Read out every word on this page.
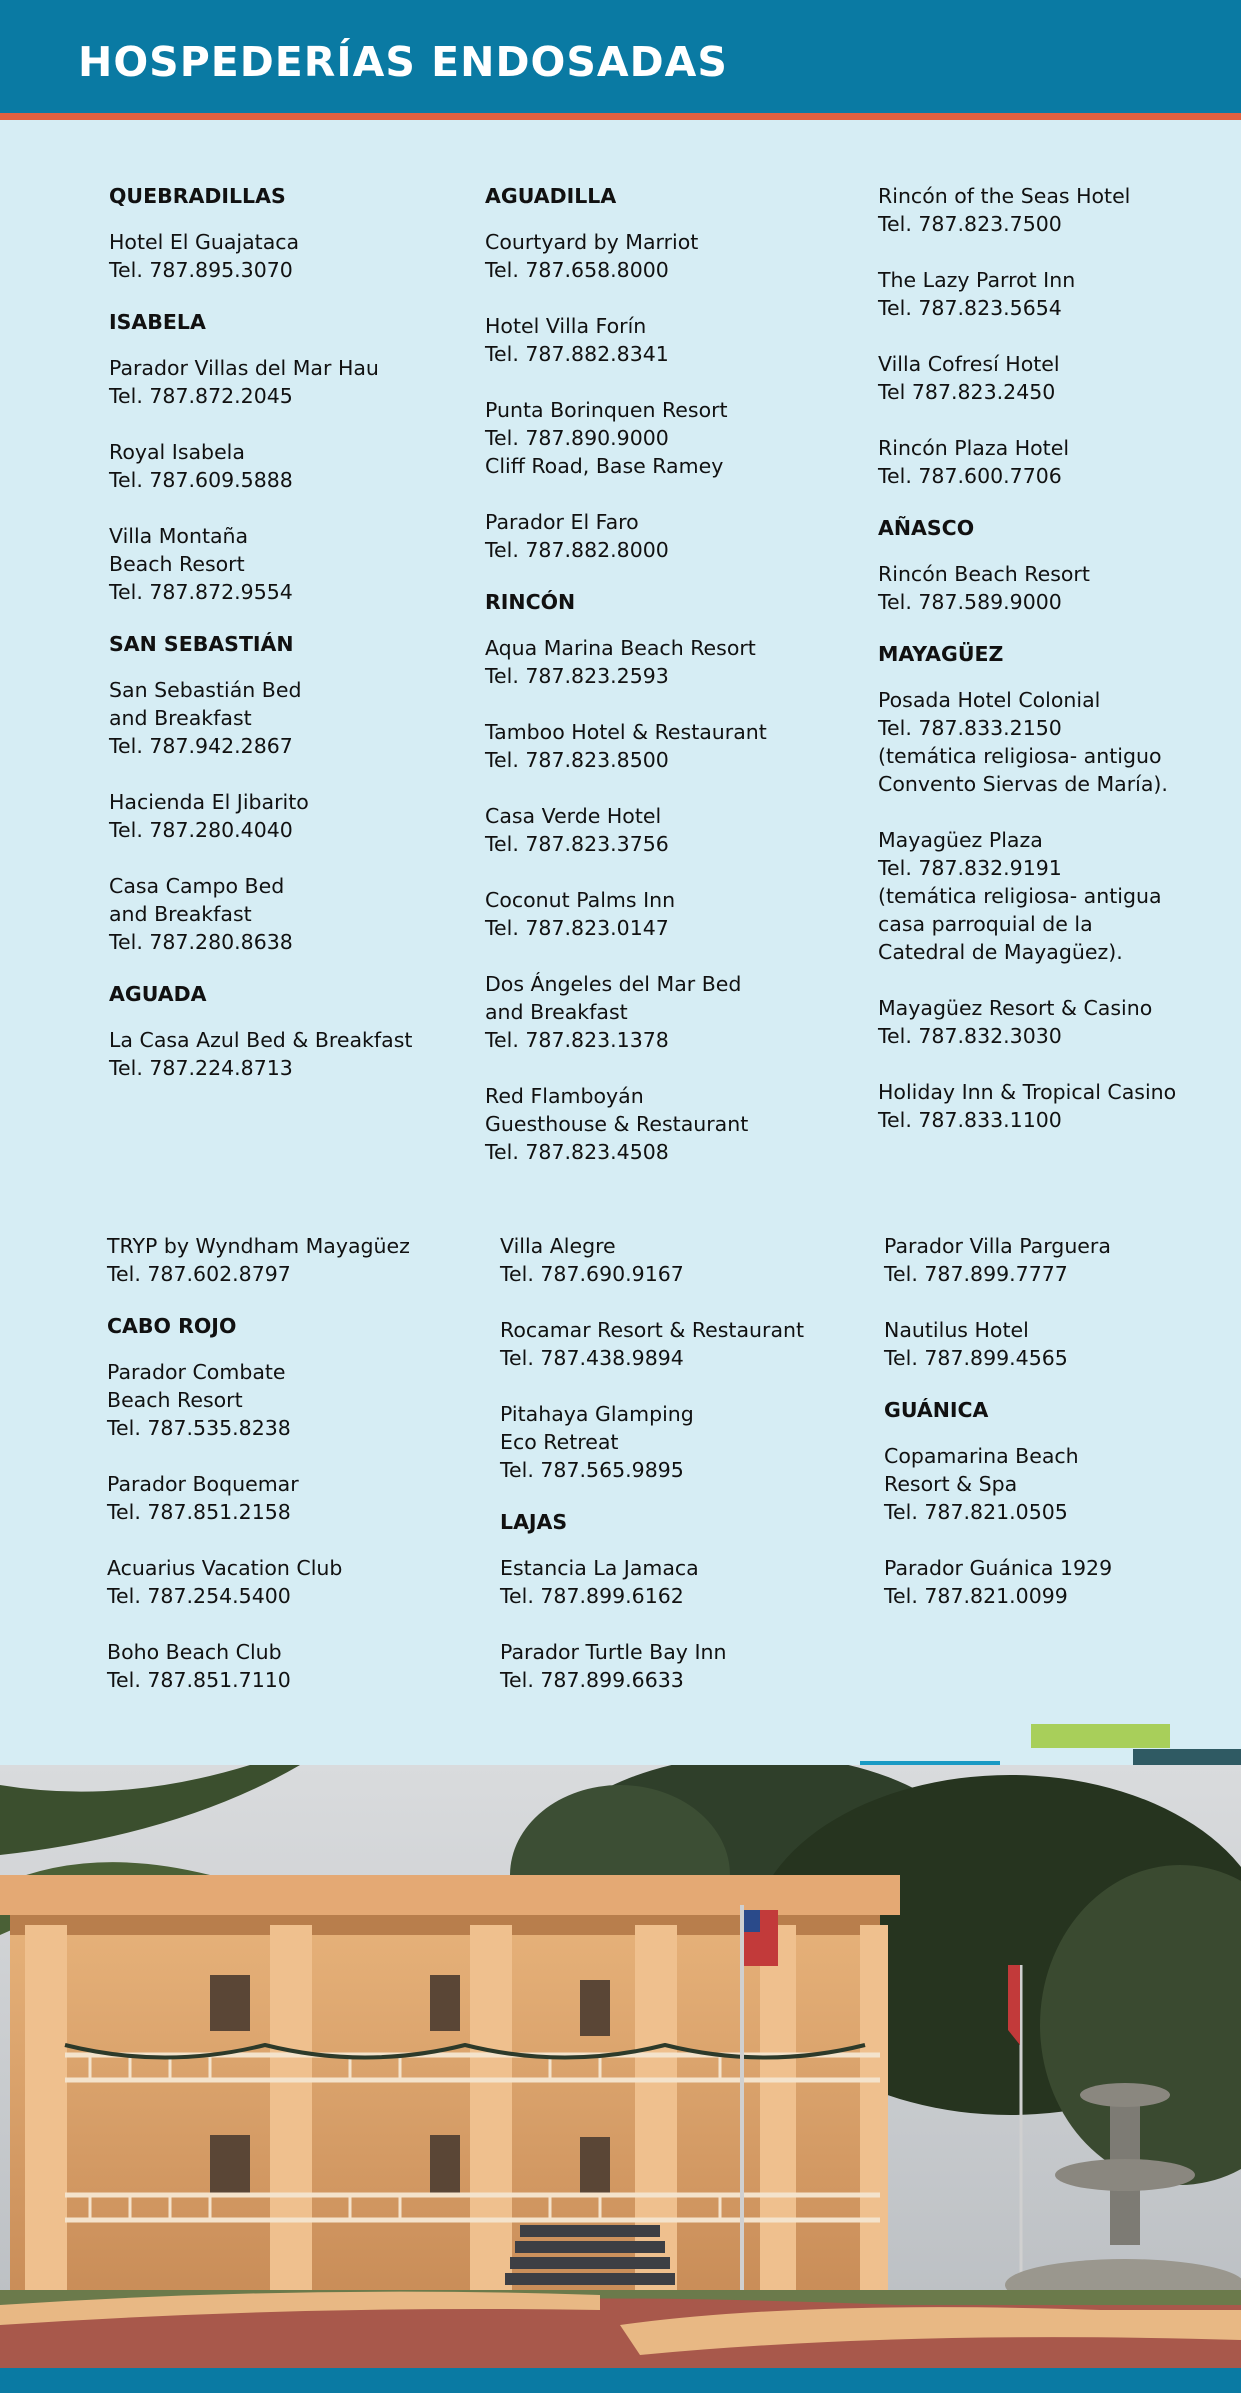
HOSPEDERÍAS ENDOSADAS
QUEBRADILLAS
Hotel El Guajataca
Tel. 787.895.3070
ISABELA
Parador Villas del Mar Hau
Tel. 787.872.2045
Royal Isabela
Tel. 787.609.5888
Villa Montaña
Beach Resort
Tel. 787.872.9554
SAN SEBASTIÁN
San Sebastián Bed
and Breakfast
Tel. 787.942.2867
Hacienda El Jibarito
Tel. 787.280.4040
Casa Campo Bed
and Breakfast
Tel. 787.280.8638
AGUADA
La Casa Azul Bed & Breakfast
Tel. 787.224.8713
AGUADILLA
Courtyard by Marriot
Tel. 787.658.8000
Hotel Villa Forín
Tel. 787.882.8341
Punta Borinquen Resort
Tel. 787.890.9000
Cliff Road, Base Ramey
Parador El Faro
Tel. 787.882.8000
RINCÓN
Aqua Marina Beach Resort
Tel. 787.823.2593
Tamboo Hotel & Restaurant
Tel. 787.823.8500
Casa Verde Hotel
Tel. 787.823.3756
Coconut Palms Inn
Tel. 787.823.0147
Dos Ángeles del Mar Bed
and Breakfast
Tel. 787.823.1378
Red Flamboyán
Guesthouse & Restaurant
Tel. 787.823.4508
Rincón of the Seas Hotel
Tel. 787.823.7500
The Lazy Parrot Inn
Tel. 787.823.5654
Villa Cofresí Hotel
Tel 787.823.2450
Rincón Plaza Hotel
Tel. 787.600.7706
AÑASCO
Rincón Beach Resort
Tel. 787.589.9000
MAYAGÜEZ
Posada Hotel Colonial
Tel. 787.833.2150
(temática religiosa- antiguo
Convento Siervas de María).
Mayagüez Plaza
Tel. 787.832.9191
(temática religiosa- antigua
casa parroquial de la
Catedral de Mayagüez).
Mayagüez Resort & Casino
Tel. 787.832.3030
Holiday Inn & Tropical Casino
Tel. 787.833.1100
TRYP by Wyndham Mayagüez
Tel. 787.602.8797
CABO ROJO
Parador Combate
Beach Resort
Tel. 787.535.8238
Parador Boquemar
Tel. 787.851.2158
Acuarius Vacation Club
Tel. 787.254.5400
Boho Beach Club
Tel. 787.851.7110
Villa Alegre
Tel. 787.690.9167
Rocamar Resort & Restaurant
Tel. 787.438.9894
Pitahaya Glamping
Eco Retreat
Tel. 787.565.9895
LAJAS
Estancia La Jamaca
Tel. 787.899.6162
Parador Turtle Bay Inn
Tel. 787.899.6633
Parador Villa Parguera
Tel. 787.899.7777
Nautilus Hotel
Tel. 787.899.4565
GUÁNICA
Copamarina Beach
Resort & Spa
Tel. 787.821.0505
Parador Guánica 1929
Tel. 787.821.0099
